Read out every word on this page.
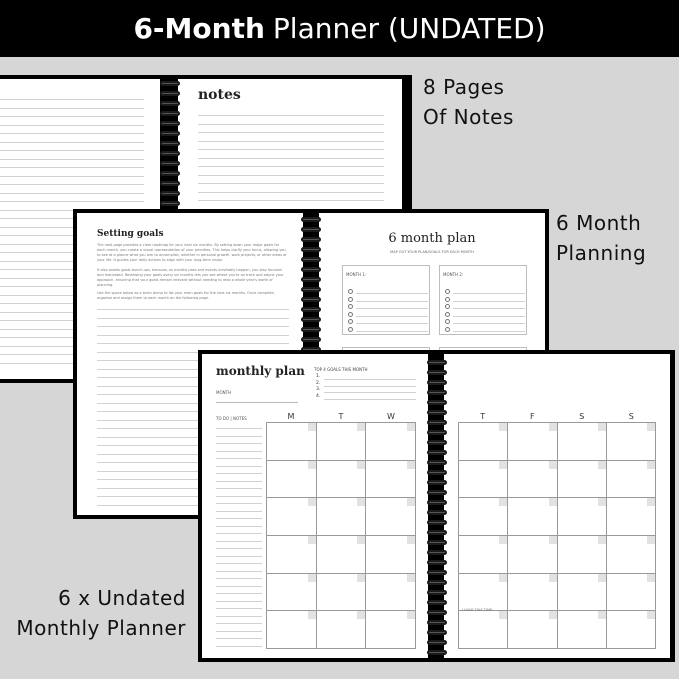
6-Month Planner (UNDATED)
8 Pages
Of Notes
6 Month
Planning
6 x Undated
Monthly Planner
notes
Setting goals
The next page provides a clear roadmap for your next six months. By setting down your major goals for each month, you create a visual representation of your priorities. This helps clarify your focus, allowing you to see at a glance what you aim to accomplish, whether in personal growth, work projects, or other areas of your life. It guides your daily actions to align with your long-term vision.
It also avoids goals bunch-ups, because, as months pass and events inevitably happen, you stay focused and motivated. Reviewing your goals every six months lets you see where you're on track and adjust your approach, ensuring that your goals remain relevant without needing to redo a whole year's worth of planning.
Use the space below as a brain dump to list your main goals for the next six months. Once complete, organise and assign them to each month on the following page.
6 month plan
MAP OUT YOUR PLAN/GOALS FOR EACH MONTH
MONTH 1:	MONTH 2:
monthly plan
MONTH
TOP 4 GOALS THIS MONTH
1.
2.
3.
4.
TO DO | NOTES	M	T	W	T	F	S	S
I HAVE THIS TIME:
